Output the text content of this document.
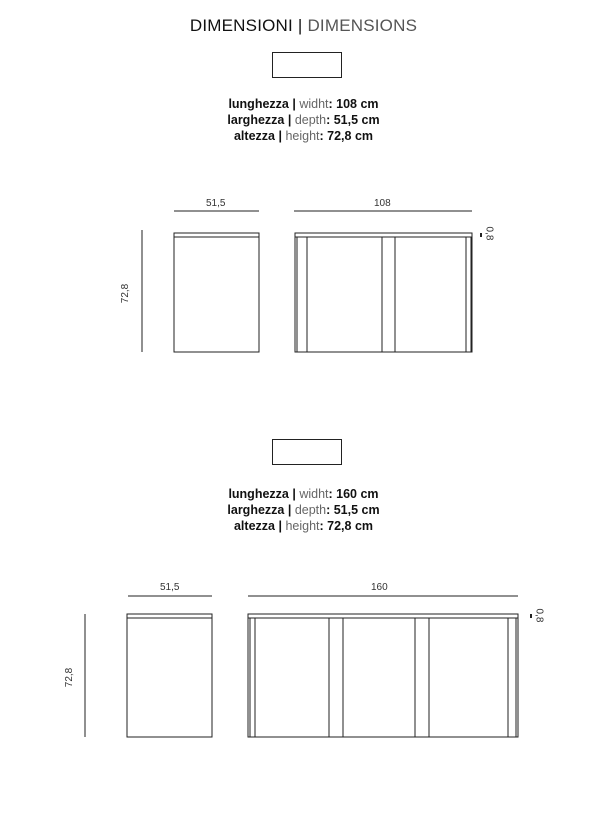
DIMENSIONI | DIMENSIONS
lunghezza | widht: 108 cm
larghezza | depth: 51,5 cm
altezza | height: 72,8 cm
51,5	108
72,8
0,8
lunghezza | widht: 160 cm
larghezza | depth: 51,5 cm
altezza | height: 72,8 cm
51,5	160
72,8
0,8
